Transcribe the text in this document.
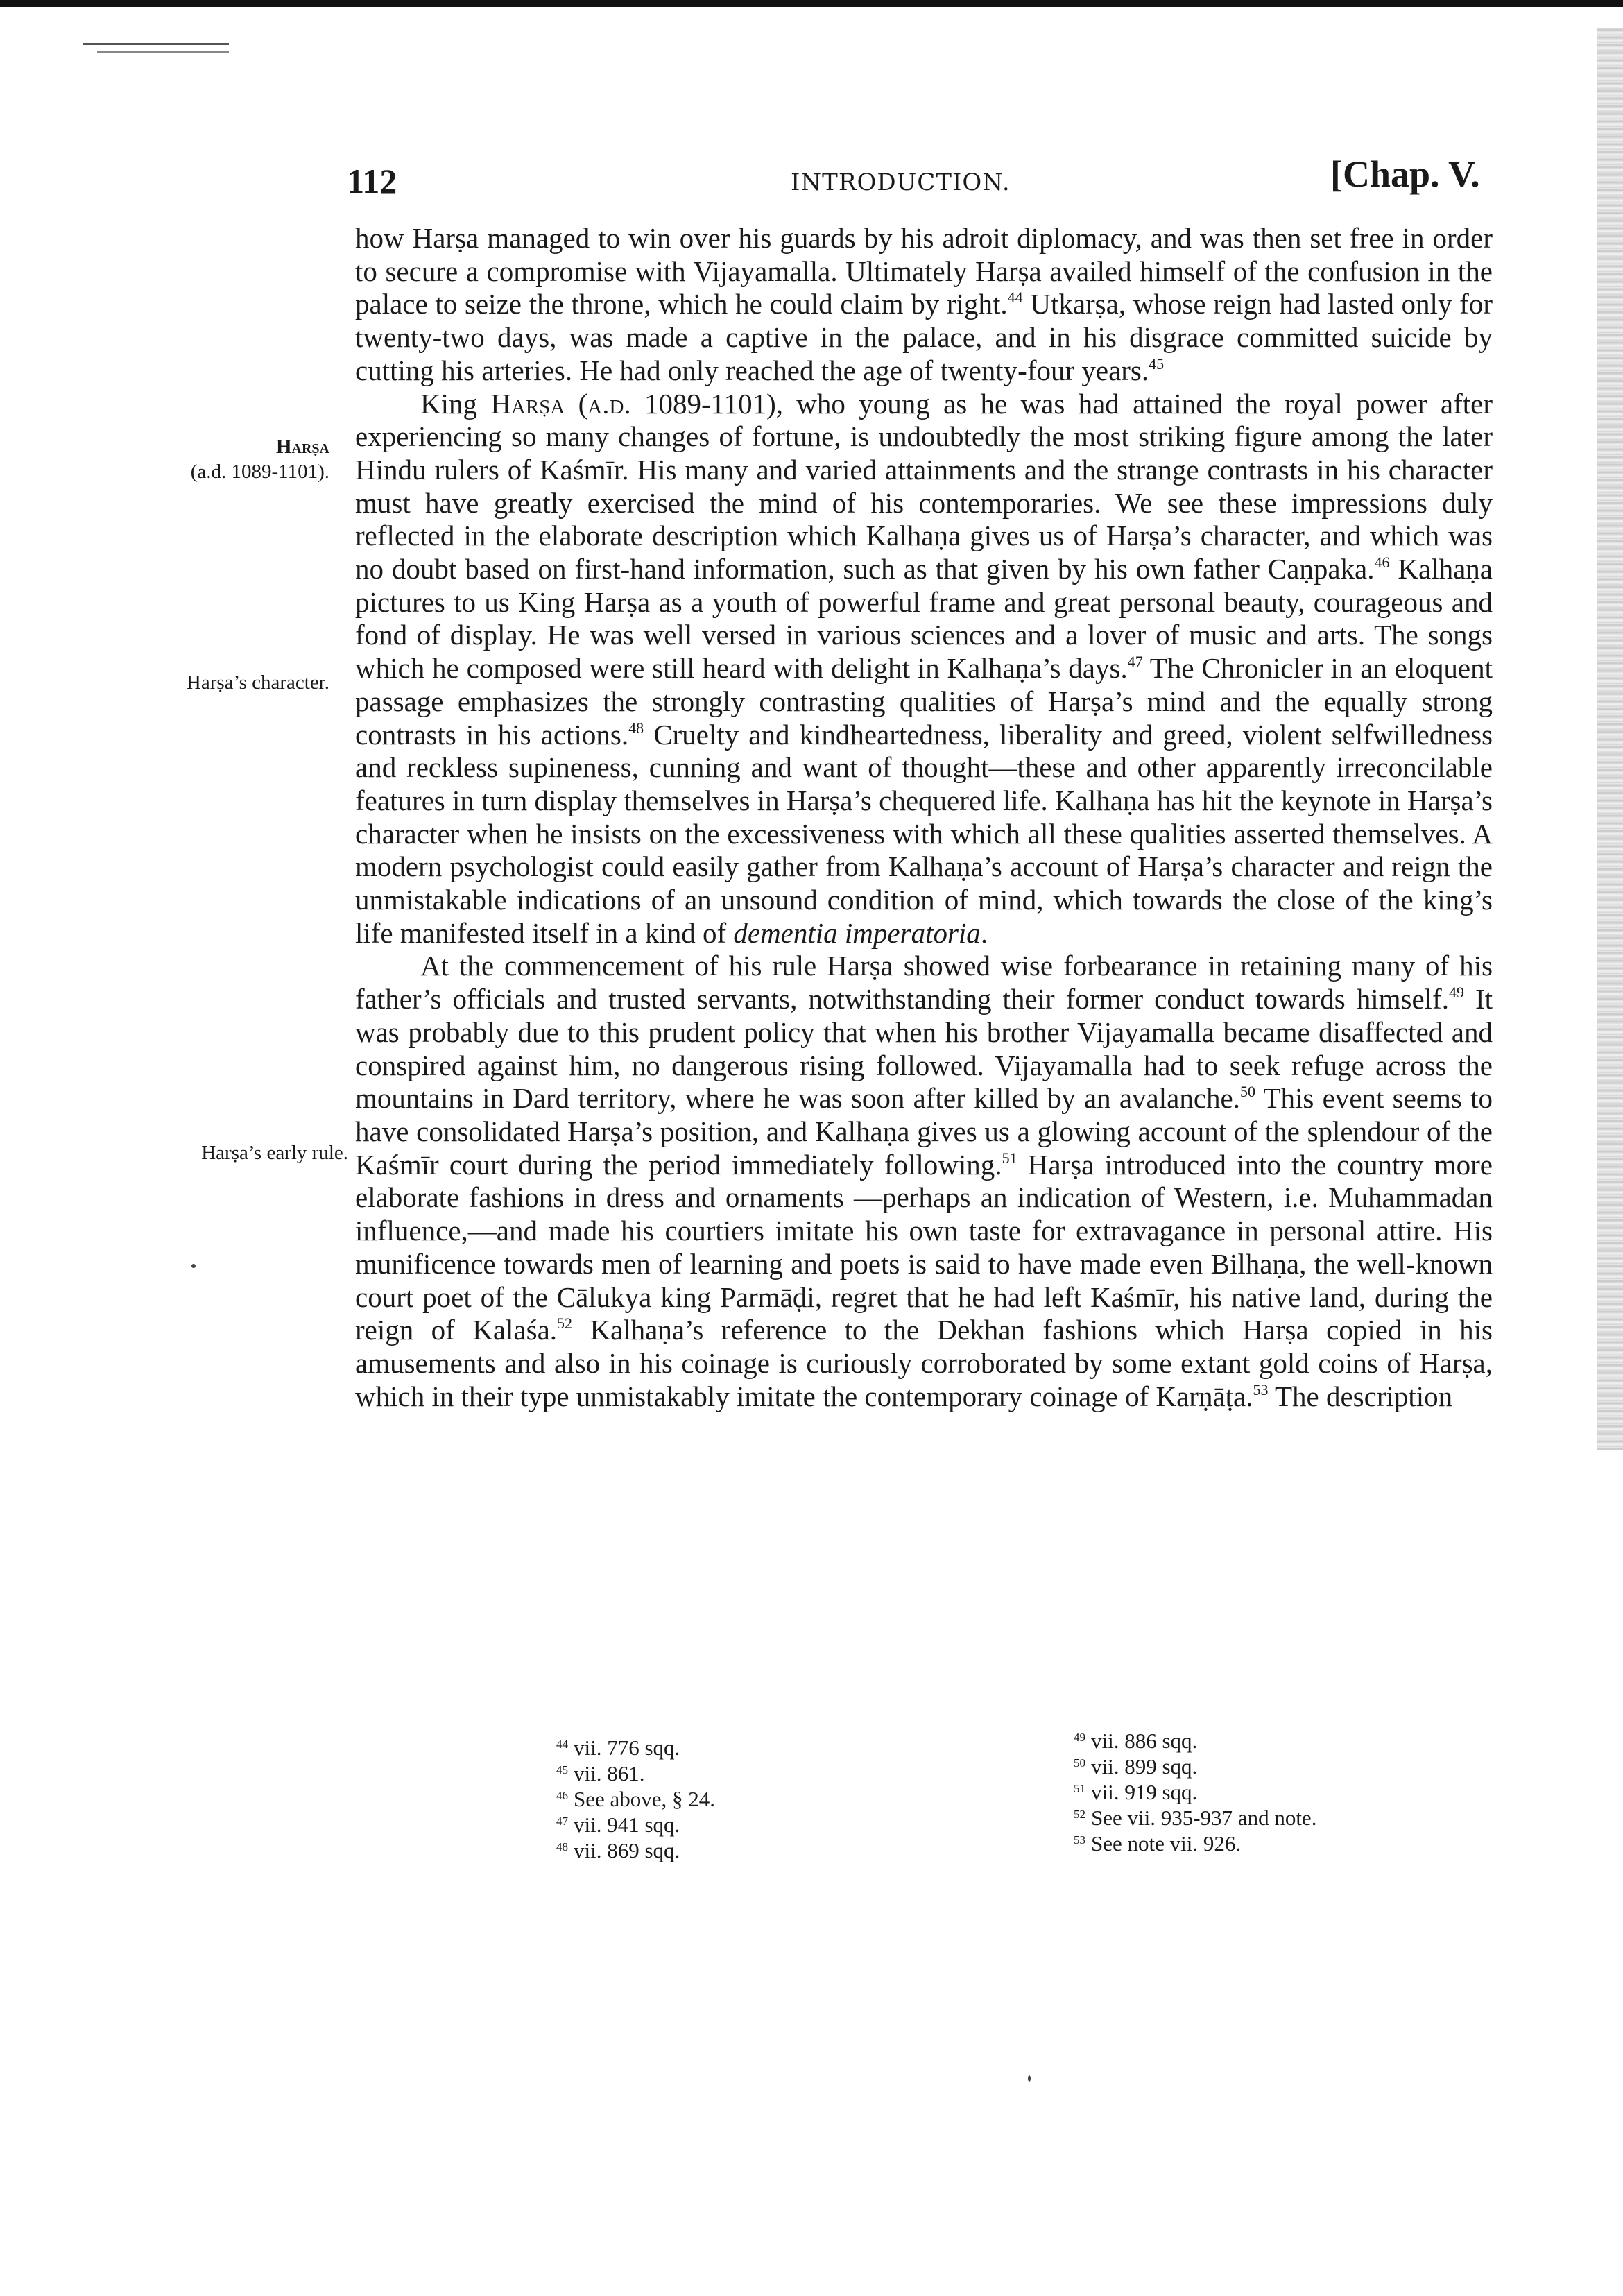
112	INTRODUCTION.	[Chap. V.
Harṣa
(a.d. 1089-1101).
Harṣa’s character.
Harṣa’s early rule.

how Harṣa managed to win over his guards by his adroit diplomacy, and was then set free in order to secure a compromise with Vijayamalla. Ultimately Harṣa availed himself of the confusion in the palace to seize the throne, which he could claim by right.$^{44}$ Utkarṣa, whose reign had lasted only for twenty-two days, was made a captive in the palace, and in his disgrace committed suicide by cutting his arteries. He had only reached the age of twenty-four years.$^{45}$

King Harṣa (a.d. 1089-1101), who young as he was had attained the royal power after experiencing so many changes of fortune, is undoubtedly the most striking figure among the later Hindu rulers of Kaśmīr. His many and varied attainments and the strange contrasts in his character must have greatly exercised the mind of his contemporaries. We see these impressions duly reflected in the elaborate description which Kalhaṇa gives us of Harṣa’s character, and which was no doubt based on first-hand information, such as that given by his own father Caṇpaka.$^{46}$ Kalhaṇa pictures to us King Harṣa as a youth of powerful frame and great personal beauty, courageous and fond of display. He was well versed in various sciences and a lover of music and arts. The songs which he composed were still heard with delight in Kalhaṇa’s days.$^{47}$ The Chronicler in an eloquent passage emphasizes the strongly contrasting qualities of Harṣa’s mind and the equally strong contrasts in his actions.$^{48}$ Cruelty and kindheartedness, liberality and greed, violent selfwilledness and reckless supineness, cunning and want of thought—these and other apparently irreconcilable features in turn display themselves in Harṣa’s chequered life. Kalhaṇa has hit the keynote in Harṣa’s character when he insists on the excessiveness with which all these qualities asserted themselves. A modern psychologist could easily gather from Kalhaṇa’s account of Harṣa’s character and reign the unmistakable indications of an unsound condition of mind, which towards the close of the king’s life manifested itself in a kind of dementia imperatoria.

At the commencement of his rule Harṣa showed wise forbearance in retaining many of his father’s officials and trusted servants, notwithstanding their former conduct towards himself.$^{49}$ It was probably due to this prudent policy that when his brother Vijayamalla became disaffected and conspired against him, no dangerous rising followed. Vijayamalla had to seek refuge across the mountains in Dard territory, where he was soon after killed by an avalanche.$^{50}$ This event seems to have consolidated Harṣa’s position, and Kalhaṇa gives us a glowing account of the splendour of the Kaśmīr court during the period immediately following.$^{51}$ Harṣa introduced into the country more elaborate fashions in dress and ornaments —perhaps an indication of Western, i.e. Muhammadan influence,—and made his courtiers imitate his own taste for extravagance in personal attire. His munificence towards men of learning and poets is said to have made even Bilhaṇa, the well-known court poet of the Cālukya king Parmāḍi, regret that he had left Kaśmīr, his native land, during the reign of Kalaśa.$^{52}$ Kalhaṇa’s reference to the Dekhan fashions which Harṣa copied in his amusements and also in his coinage is curiously corroborated by some extant gold coins of Harṣa, which in their type unmistakably imitate the contemporary coinage of Karṇāṭa.$^{53}$ The description

$^{44}$ vii. 776 sqq.
$^{45}$ vii. 861.
$^{46}$ See above, § 24.
$^{47}$ vii. 941 sqq.
$^{48}$ vii. 869 sqq.
$^{49}$ vii. 886 sqq.
$^{50}$ vii. 899 sqq.
$^{51}$ vii. 919 sqq.
$^{52}$ See vii. 935-937 and note.
$^{53}$ See note vii. 926.
